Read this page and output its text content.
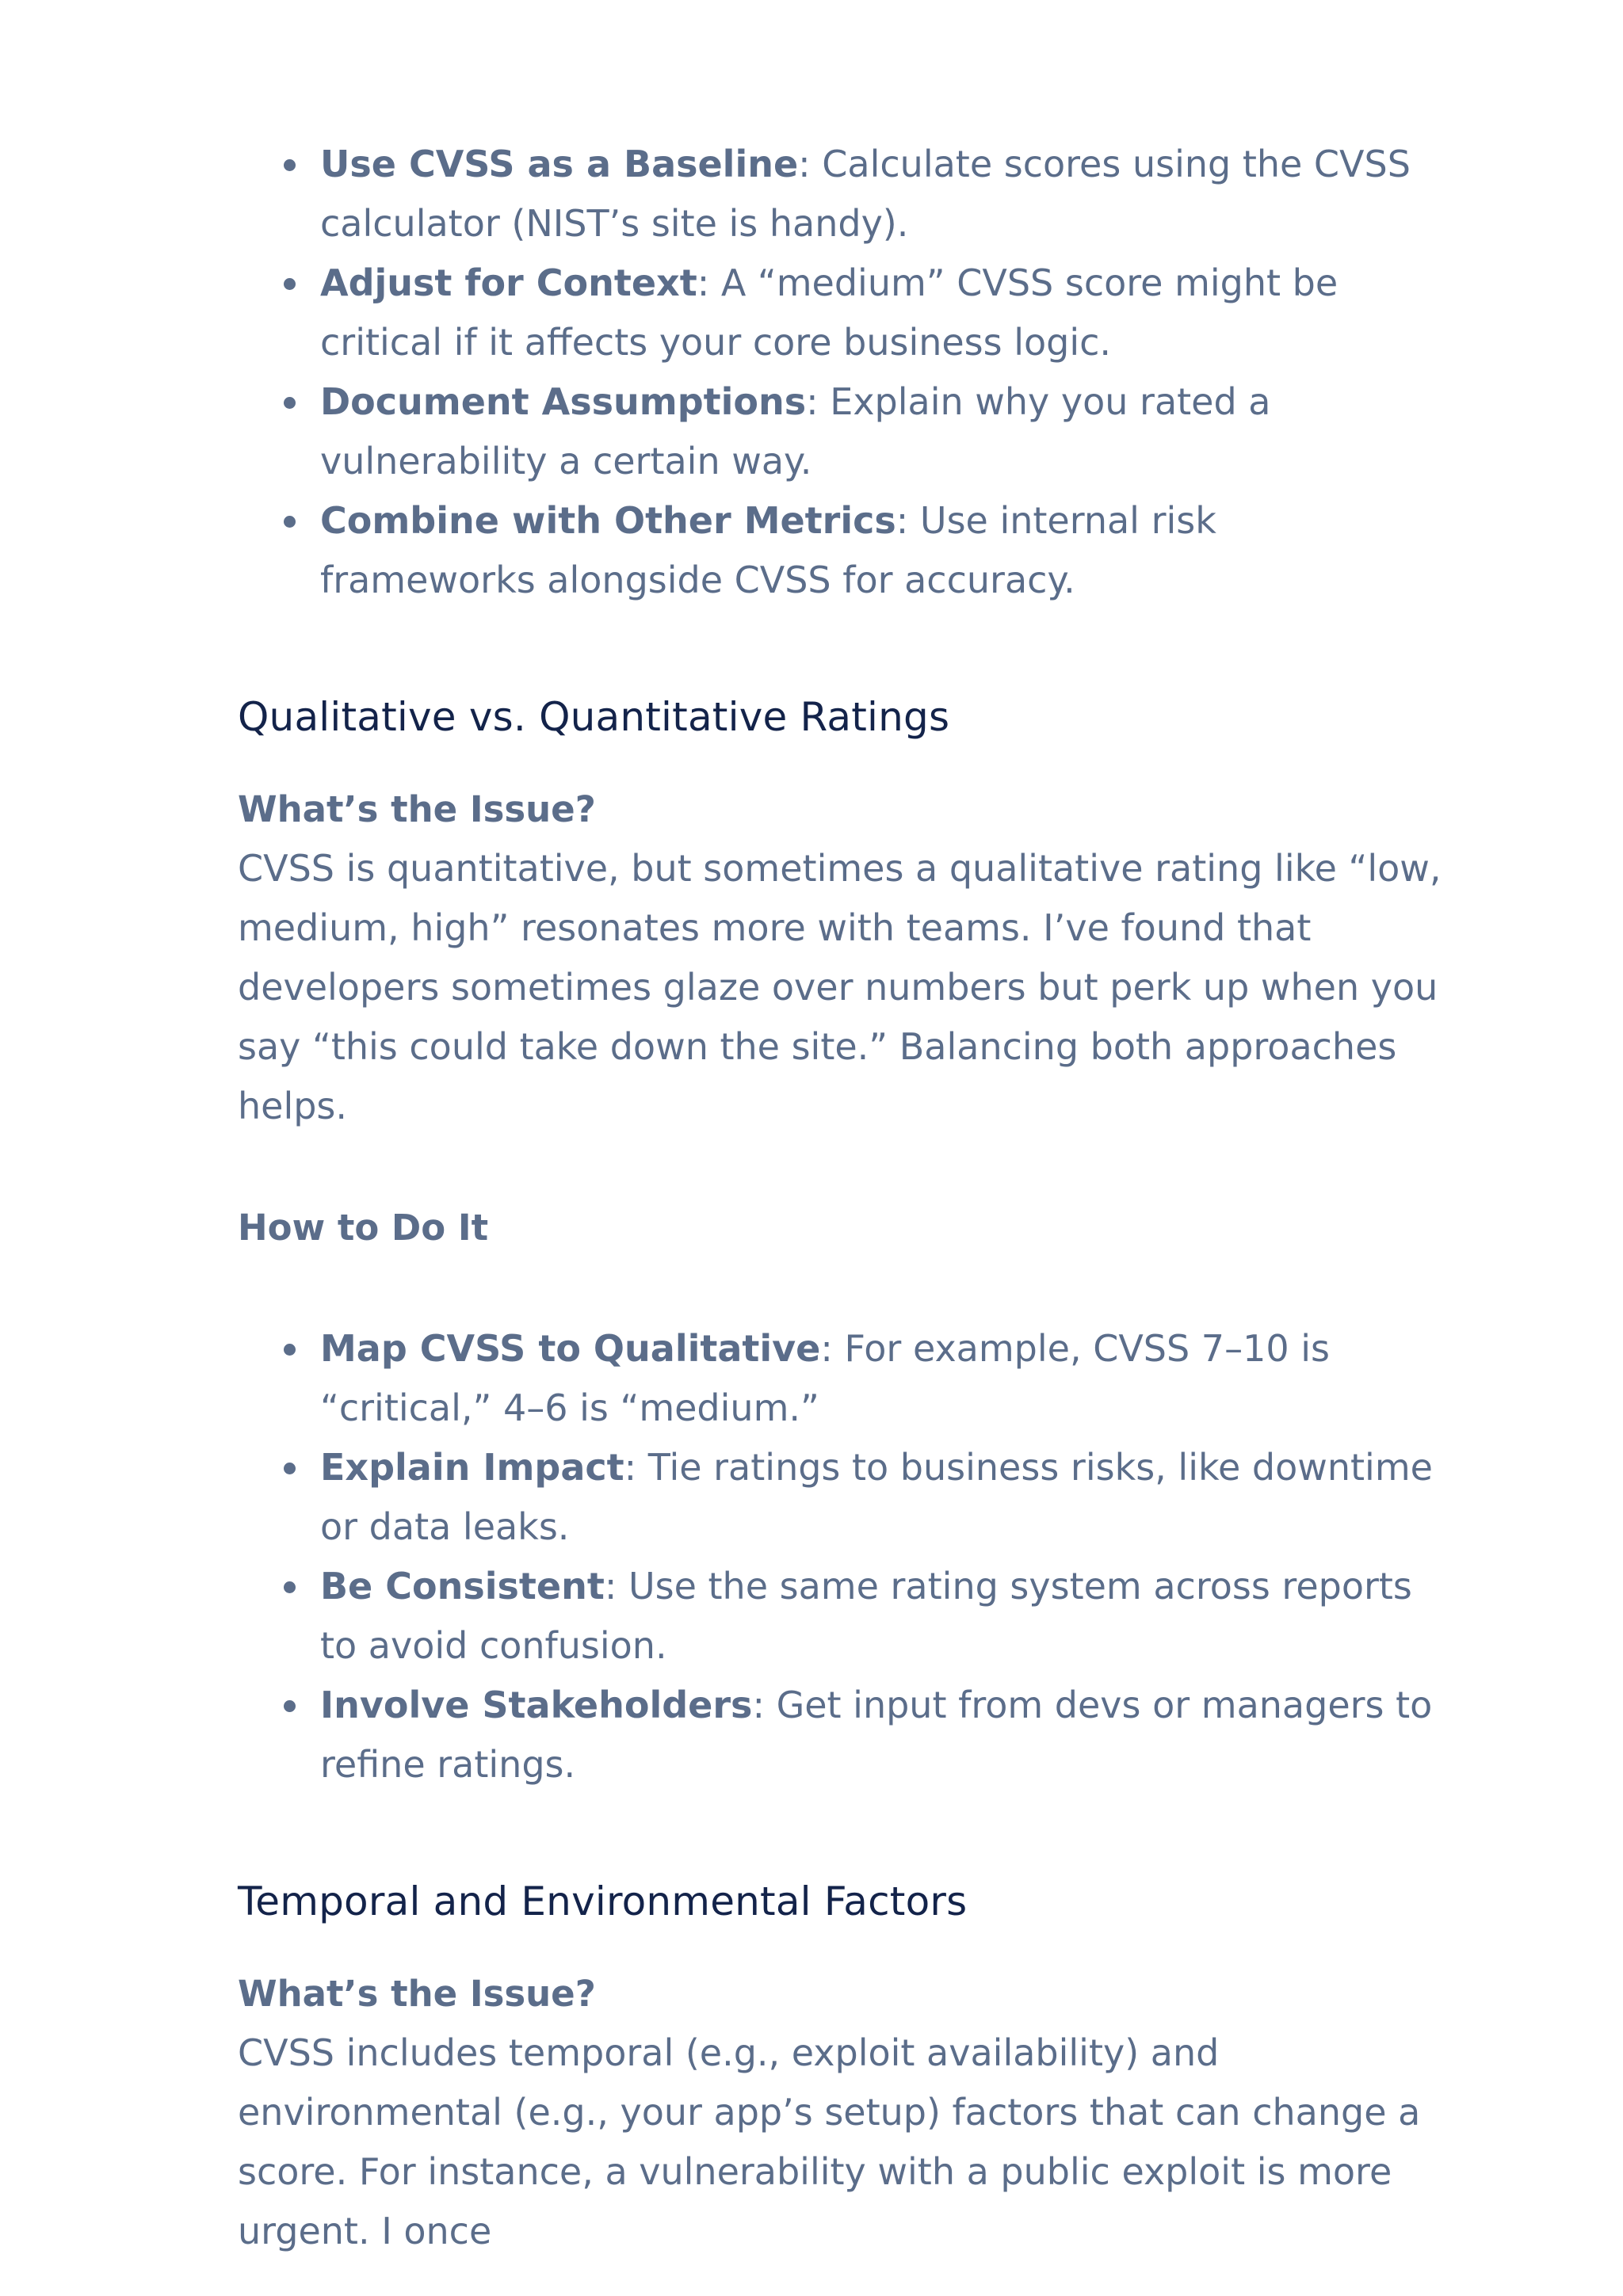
Use CVSS as a Baseline: Calculate scores using the CVSS calculator (NIST’s site is handy).
Adjust for Context: A “medium” CVSS score might be critical if it affects your core business logic.
Document Assumptions: Explain why you rated a vulnerability a certain way.
Combine with Other Metrics: Use internal risk frameworks alongside CVSS for accuracy.
Qualitative vs. Quantitative Ratings
What’s the Issue?

CVSS is quantitative, but sometimes a qualitative rating like “low, medium, high” resonates more with teams. I’ve found that developers sometimes glaze over numbers but perk up when you say “this could take down the site.” Balancing both approaches helps.

How to Do It
Map CVSS to Qualitative: For example, CVSS 7–10 is “critical,” 4–6 is “medium.”
Explain Impact: Tie ratings to business risks, like downtime or data leaks.
Be Consistent: Use the same rating system across reports to avoid confusion.
Involve Stakeholders: Get input from devs or managers to refine ratings.
Temporal and Environmental Factors
What’s the Issue?

CVSS includes temporal (e.g., exploit availability) and environmental (e.g., your app’s setup) factors that can change a score. For instance, a vulnerability with a public exploit is more urgent. I once
